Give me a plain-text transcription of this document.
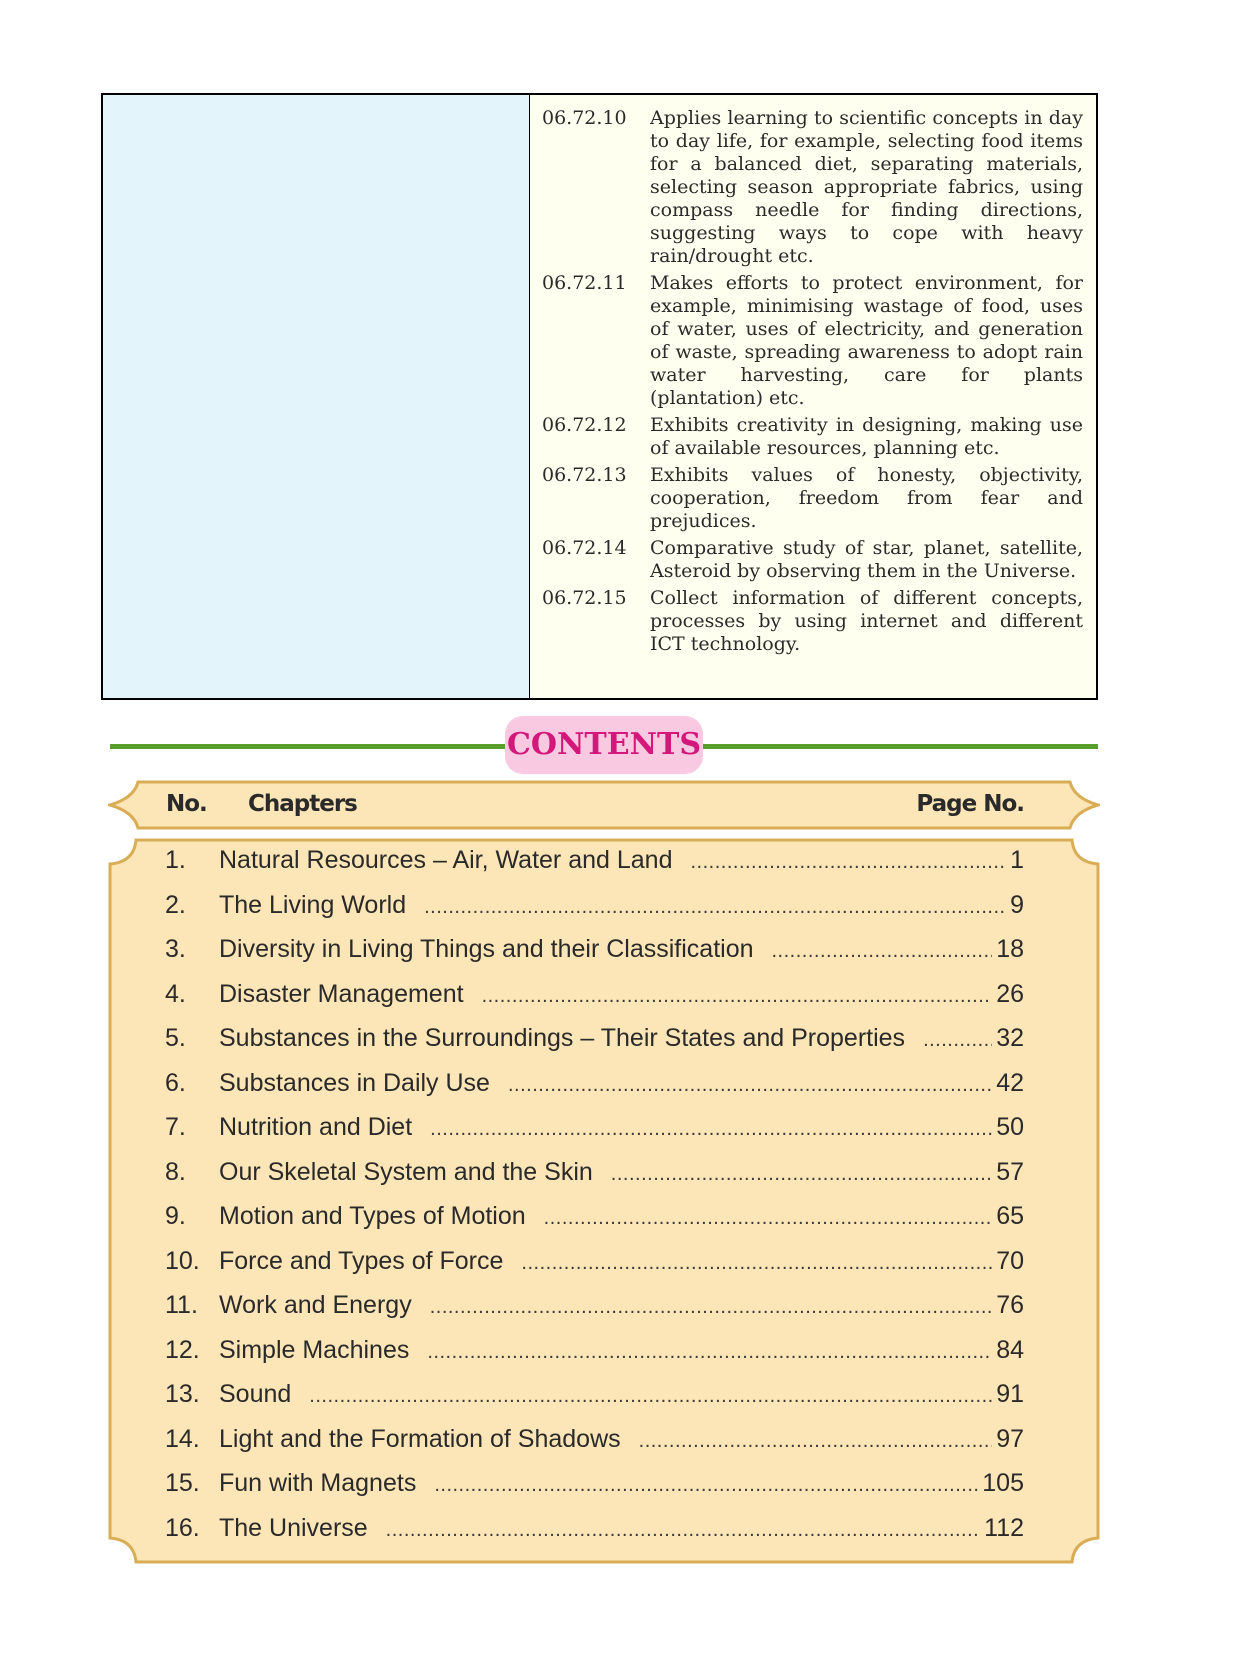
06.72.10	Applies learning to scientific concepts in day to day life, for example, selecting food items for a balanced diet, separating materials, selecting season appropriate fabrics, using compass needle for finding directions, suggesting ways to cope with heavy rain/drought etc.
06.72.11	Makes efforts to protect environment, for example, minimising wastage of food, uses of water, uses of electricity, and generation of waste, spreading awareness to adopt rain water harvesting, care for plants (plantation) etc.
06.72.12	Exhibits creativity in designing, making use of available resources, planning etc.
06.72.13	Exhibits values of honesty, objectivity, cooperation, freedom from fear and prejudices.
06.72.14	Comparative study of star, planet, satellite, Asteroid by observing them in the Universe.
06.72.15	Collect information of different concepts, processes by using internet and different ICT technology.
CONTENTS
No. Chapters	Page No.
1.	Natural Resources – Air, Water and Land .....	1
2.	The Living World .....	9
3.	Diversity in Living Things and their Classification .....	18
4.	Disaster Management .....	26
5.	Substances in the Surroundings – Their States and Properties .....	32
6.	Substances in Daily Use .....	42
7.	Nutrition and Diet .....	50
8.	Our Skeletal System and the Skin .....	57
9.	Motion and Types of Motion .....	65
10. Force and Types of Force .....	70
11. Work and Energy .....	76
12. Simple Machines .....	84
13. Sound .....	91
14. Light and the Formation of Shadows .....	97
15. Fun with Magnets .....	105
16. The Universe .....	112
